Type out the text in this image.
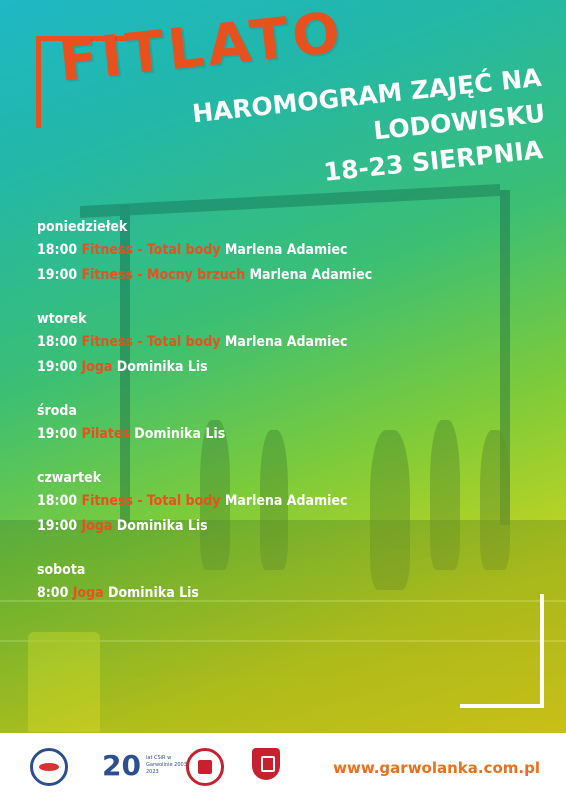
FITLATO
HAROMOGRAM ZAJĘĆ NA LODOWISKU

18-23 SIERPNIA
poniedziełek
18:00 Fitness - Total body Marlena Adamiec
19:00 Fitness - Mocny brzuch Marlena Adamiec
wtorek
18:00 Fitness - Total body Marlena Adamiec
19:00 Joga Dominika Lis
środa
19:00 Pilates Dominika Lis
czwartek
18:00 Fitness - Total body Marlena Adamiec
19:00 Joga Dominika Lis
sobota
8:00 Joga Dominika Lis
20 lat CSiR w Garwolinie 2003-2023	www.garwolanka.com.pl
